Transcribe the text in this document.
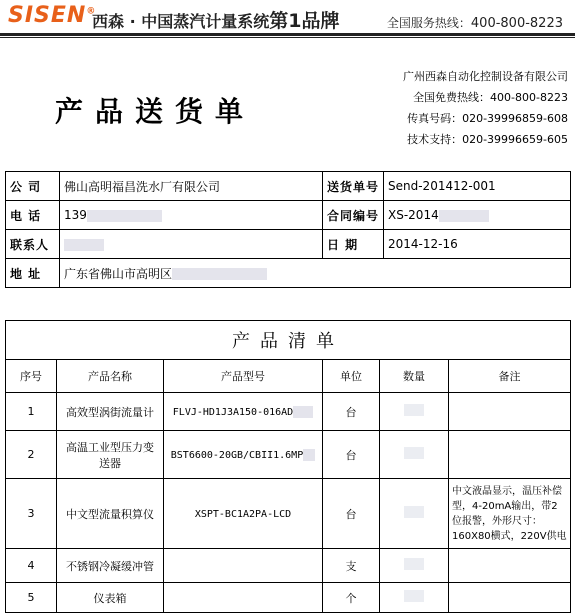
SISEN®
西森 · 中国蒸汽计量系统第1品牌	全国服务热线：400-800-8223
产品送货单
广州西森自动化控制设备有限公司
全国免费热线：400-800-8223
传真号码：020-39996859-608
技术支持：020-39996659-605
公 司	佛山高明福昌洗水厂有限公司	送货单号	Send-201412-001
电 话	139	合同编号	XS-2014
联系人		日 期	2014-12-16
地 址	广东省佛山市高明区		
产品清单					
序号	产品名称	产品型号	单位	数量	备注
1	高效型涡街流量计	FLVJ-HD1J3A150-016AD	台		
2	高温工业型压力变送器	BST6600-20GB/CBII1.6MP	台		
3	中文型流量积算仪	XSPT-BC1A2PA-LCD	台		中文液晶显示，温压补偿型，4-20mA输出，带2位报警，外形尺寸：160X80横式，220V供电
4	不锈钢冷凝缓冲管		支		
5	仪表箱		个		
